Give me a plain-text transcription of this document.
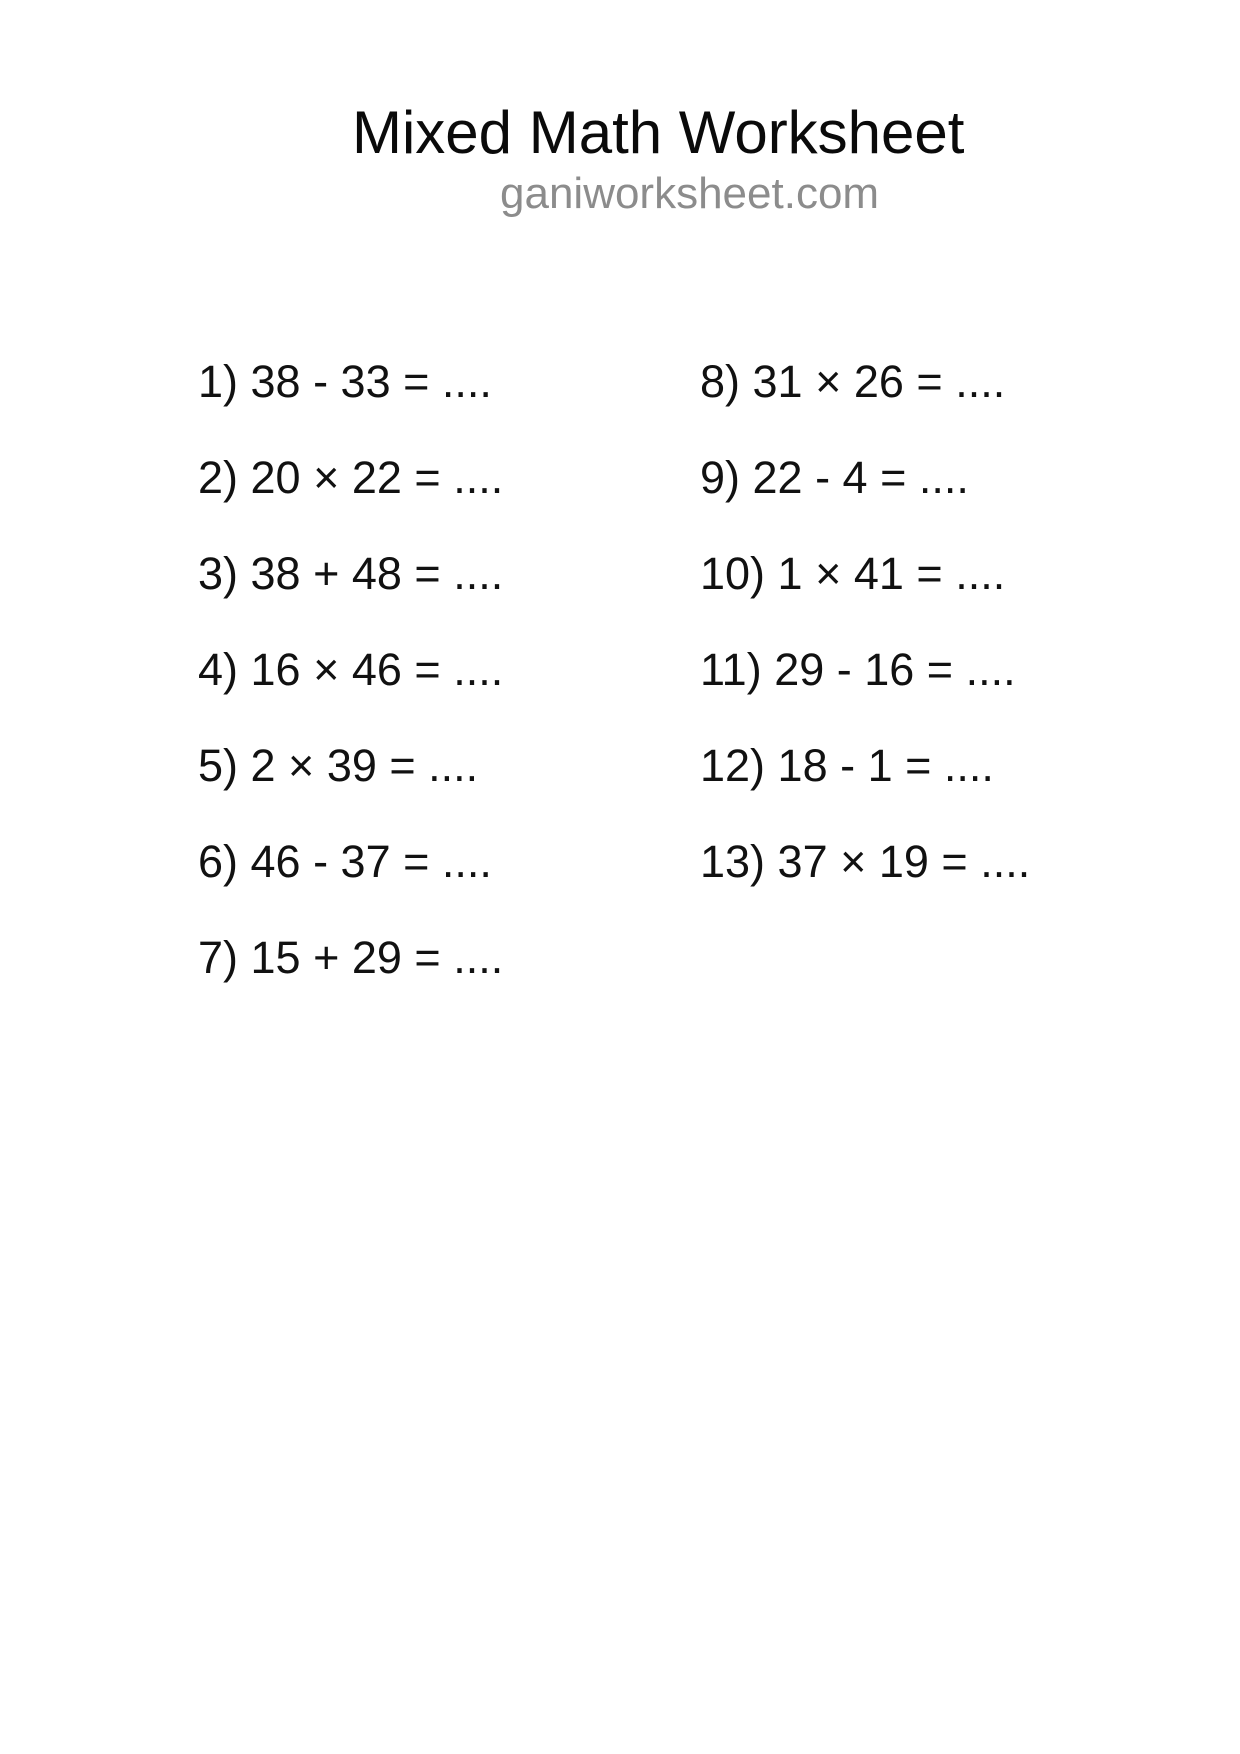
Mixed Math Worksheet
ganiworksheet.com
1) 38 - 33 = ....
2) 20 × 22 = ....
3) 38 + 48 = ....
4) 16 × 46 = ....
5) 2 × 39 = ....
6) 46 - 37 = ....
7) 15 + 29 = ....
8) 31 × 26 = ....
9) 22 - 4 = ....
10) 1 × 41 = ....
11) 29 - 16 = ....
12) 18 - 1 = ....
13) 37 × 19 = ....
